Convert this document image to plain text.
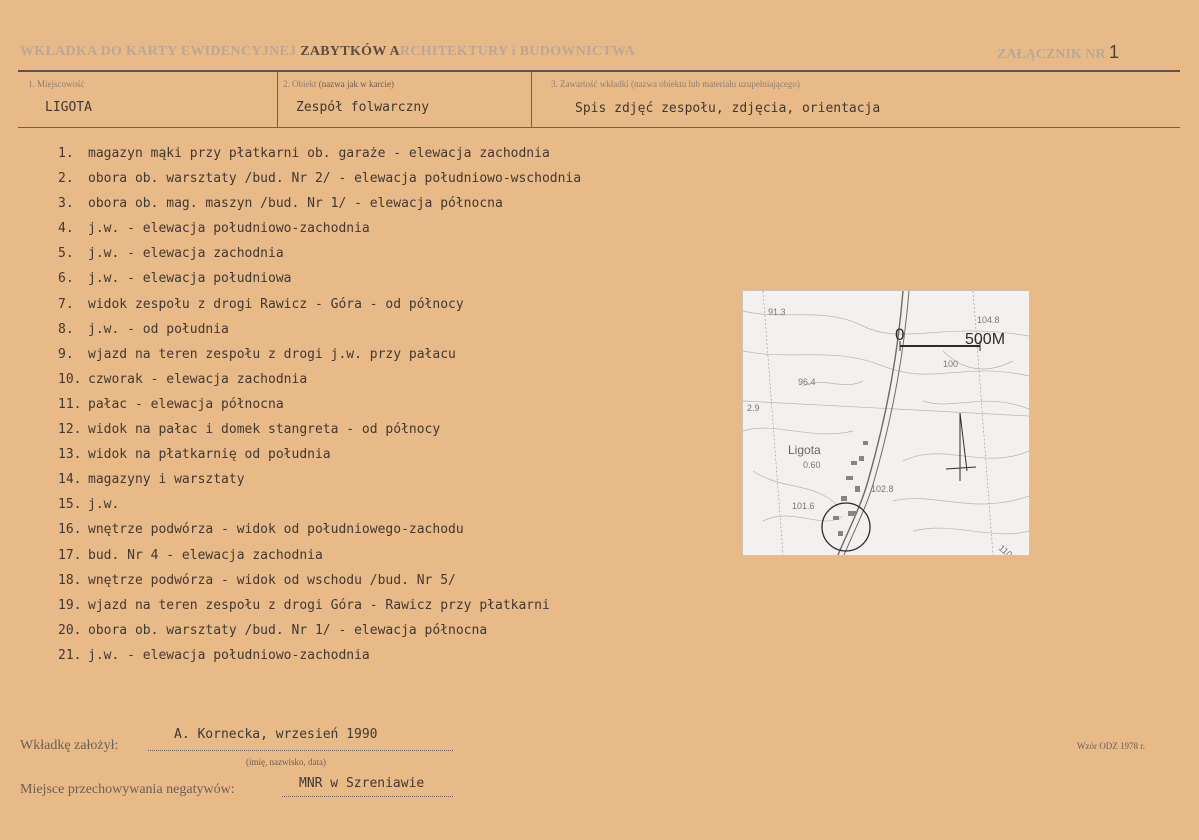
WKŁADKA DO KARTY EWIDENCYJNEJ ZABYTKÓW ARCHITEKTURY i BUDOWNICTWA	ZAŁĄCZNIK NR 1
1. Miejscowość
LIGOTA
2. Obiekt (nazwa jak w karcie)
Zespół folwarczny
3. Zawartość wkładki (nazwa obiektu lub materiału uzupełniającego)
Spis zdjęć zespołu, zdjęcia, orientacja
1. magazyn mąki przy płatkarni ob. garaże - elewacja zachodnia
2. obora ob. warsztaty /bud. Nr 2/ - elewacja południowo-wschodnia
3. obora ob. mag. maszyn /bud. Nr 1/ - elewacja północna
4. j.w. - elewacja południowo-zachodnia
5. j.w. - elewacja zachodnia
6. j.w. - elewacja południowa
7. widok zespołu z drogi Rawicz - Góra - od północy
8. j.w. - od południa
9. wjazd na teren zespołu z drogi j.w. przy pałacu
10. czworak - elewacja zachodnia
11. pałac - elewacja północna
12. widok na pałac i domek stangreta - od północy
13. widok na płatkarnię od południa
14. magazyny i warsztaty
15. j.w.
16. wnętrze podwórza - widok od południowego-zachodu
17. bud. Nr 4 - elewacja zachodnia
18. wnętrze podwórza - widok od wschodu /bud. Nr 5/
19. wjazd na teren zespołu z drogi Góra - Rawicz przy płatkarni
20. obora ob. warsztaty /bud. Nr 1/ - elewacja północna
21. j.w. - elewacja południowo-zachodnia
0	500M
Ligota
91.3
104.8
100
96.4
2.9
0.60
102.8
101.6
110
Wkładkę założył:
A. Kornecka, wrzesień 1990
(imię, nazwisko, data)
Miejsce przechowywania negatywów:	MNR w Szreniawie
Wzór ODZ 1978 r.
